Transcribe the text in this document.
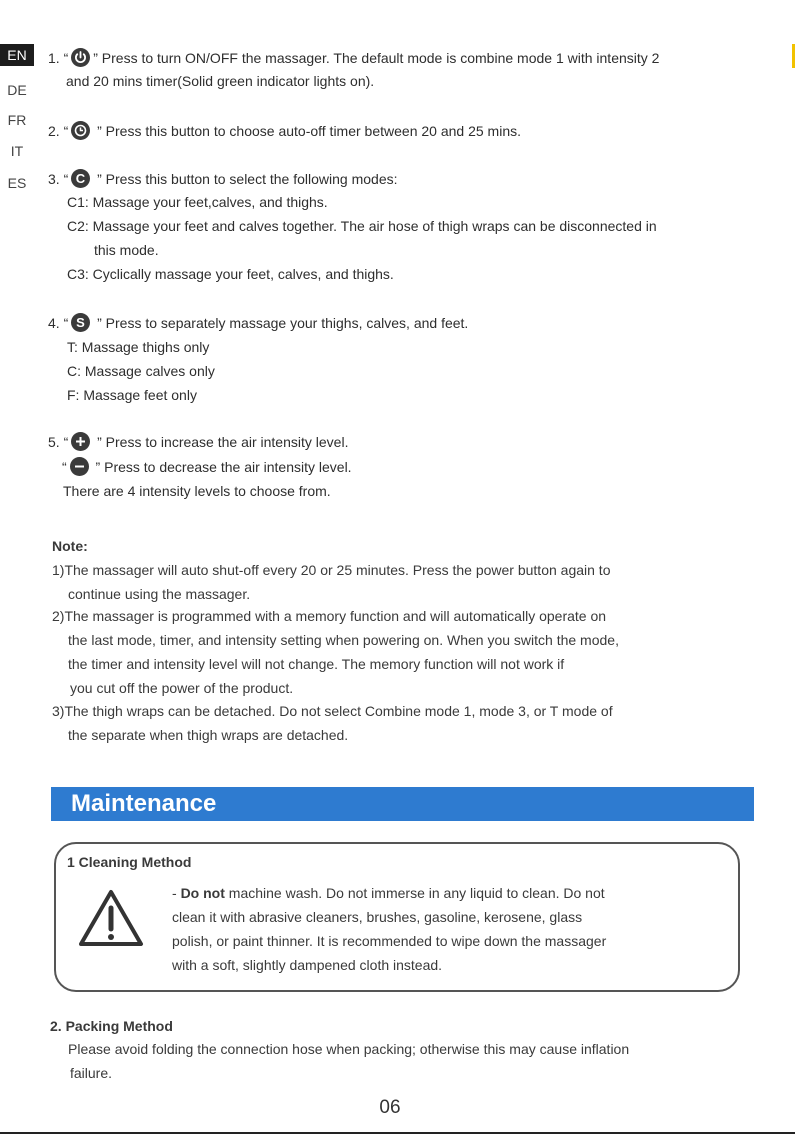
EN
DE
FR
IT
ES
1. “ ” Press to turn ON/OFF the massager. The default mode is combine mode 1 with intensity 2
and 20 mins timer(Solid green indicator lights on).
2. “
” Press this button to choose auto-off timer between 20 and 25 mins.
3. “ C ” Press this button to select the following modes:
C1: Massage your feet,calves, and thighs.
C2: Massage your feet and calves together. The air hose of thigh wraps can be disconnected in
this mode.
C3: Cyclically massage your feet, calves, and thighs.
4. “ S ” Press to separately massage your thighs, calves, and feet.
T: Massage thighs only
C: Massage calves only
F: Massage feet only
5. “
” Press to increase the air intensity level.
“
” Press to decrease the air intensity level.
There are 4 intensity levels to choose from.
Note:
1)The massager will auto shut-off every 20 or 25 minutes. Press the power button again to
continue using the massager.
2)The massager is programmed with a memory function and will automatically operate on
the last mode, timer, and intensity setting when powering on. When you switch the mode,
the timer and intensity level will not change. The memory function will not work if
you cut off the power of the product.
3)The thigh wraps can be detached. Do not select Combine mode 1, mode 3, or T mode of
the separate when thigh wraps are detached.
Maintenance
1 Cleaning Method
- Do not machine wash. Do not immerse in any liquid to clean. Do not
clean it with abrasive cleaners, brushes, gasoline, kerosene, glass
polish, or paint thinner. It is recommended to wipe down the massager
with a soft, slightly dampened cloth instead.
2. Packing Method
Please avoid folding the connection hose when packing; otherwise this may cause inflation
failure.
06
